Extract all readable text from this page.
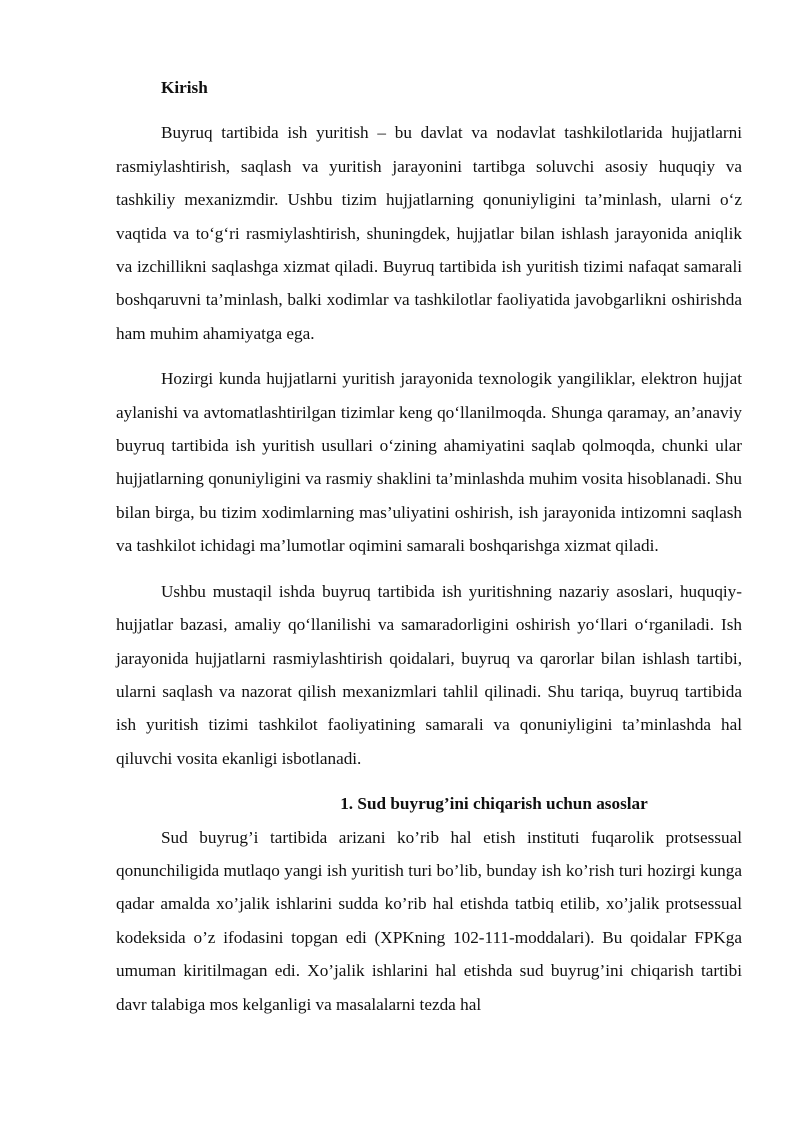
Kirish

Buyruq tartibida ish yuritish – bu davlat va nodavlat tashkilotlarida hujjatlarni rasmiylashtirish, saqlash va yuritish jarayonini tartibga soluvchi asosiy huquqiy va tashkiliy mexanizmdir. Ushbu tizim hujjatlarning qonuniyligini ta’minlash, ularni o‘z vaqtida va to‘g‘ri rasmiylashtirish, shuningdek, hujjatlar bilan ishlash jarayonida aniqlik va izchillikni saqlashga xizmat qiladi. Buyruq tartibida ish yuritish tizimi nafaqat samarali boshqaruvni ta’minlash, balki xodimlar va tashkilotlar faoliyatida javobgarlikni oshirishda ham muhim ahamiyatga ega.

Hozirgi kunda hujjatlarni yuritish jarayonida texnologik yangiliklar, elektron hujjat aylanishi va avtomatlashtirilgan tizimlar keng qo‘llanilmoqda. Shunga qaramay, an’anaviy buyruq tartibida ish yuritish usullari o‘zining ahamiyatini saqlab qolmoqda, chunki ular hujjatlarning qonuniyligini va rasmiy shaklini ta’minlashda muhim vosita hisoblanadi. Shu bilan birga, bu tizim xodimlarning mas’uliyatini oshirish, ish jarayonida intizomni saqlash va tashkilot ichidagi ma’lumotlar oqimini samarali boshqarishga xizmat qiladi.

Ushbu mustaqil ishda buyruq tartibida ish yuritishning nazariy asoslari, huquqiy-hujjatlar bazasi, amaliy qo‘llanilishi va samaradorligini oshirish yo‘llari o‘rganiladi. Ish jarayonida hujjatlarni rasmiylashtirish qoidalari, buyruq va qarorlar bilan ishlash tartibi, ularni saqlash va nazorat qilish mexanizmlari tahlil qilinadi. Shu tariqa, buyruq tartibida ish yuritish tizimi tashkilot faoliyatining samarali va qonuniyligini ta’minlashda hal qiluvchi vosita ekanligi isbotlanadi.

1. Sud buyrug’ini chiqarish uchun asoslar

Sud buyrug’i tartibida arizani ko’rib hal etish instituti fuqarolik protsessual qonunchiligida mutlaqo yangi ish yuritish turi bo’lib, bunday ish ko’rish turi hozirgi kunga qadar amalda xo’jalik ishlarini sudda ko’rib hal etishda tatbiq etilib, xo’jalik protsessual kodeksida o’z ifodasini topgan edi (XPKning 102-111-moddalari). Bu qoidalar FPKga umuman kiritilmagan edi. Xo’jalik ishlarini hal etishda sud buyrug’ini chiqarish tartibi davr talabiga mos kelganligi va masalalarni tezda hal
